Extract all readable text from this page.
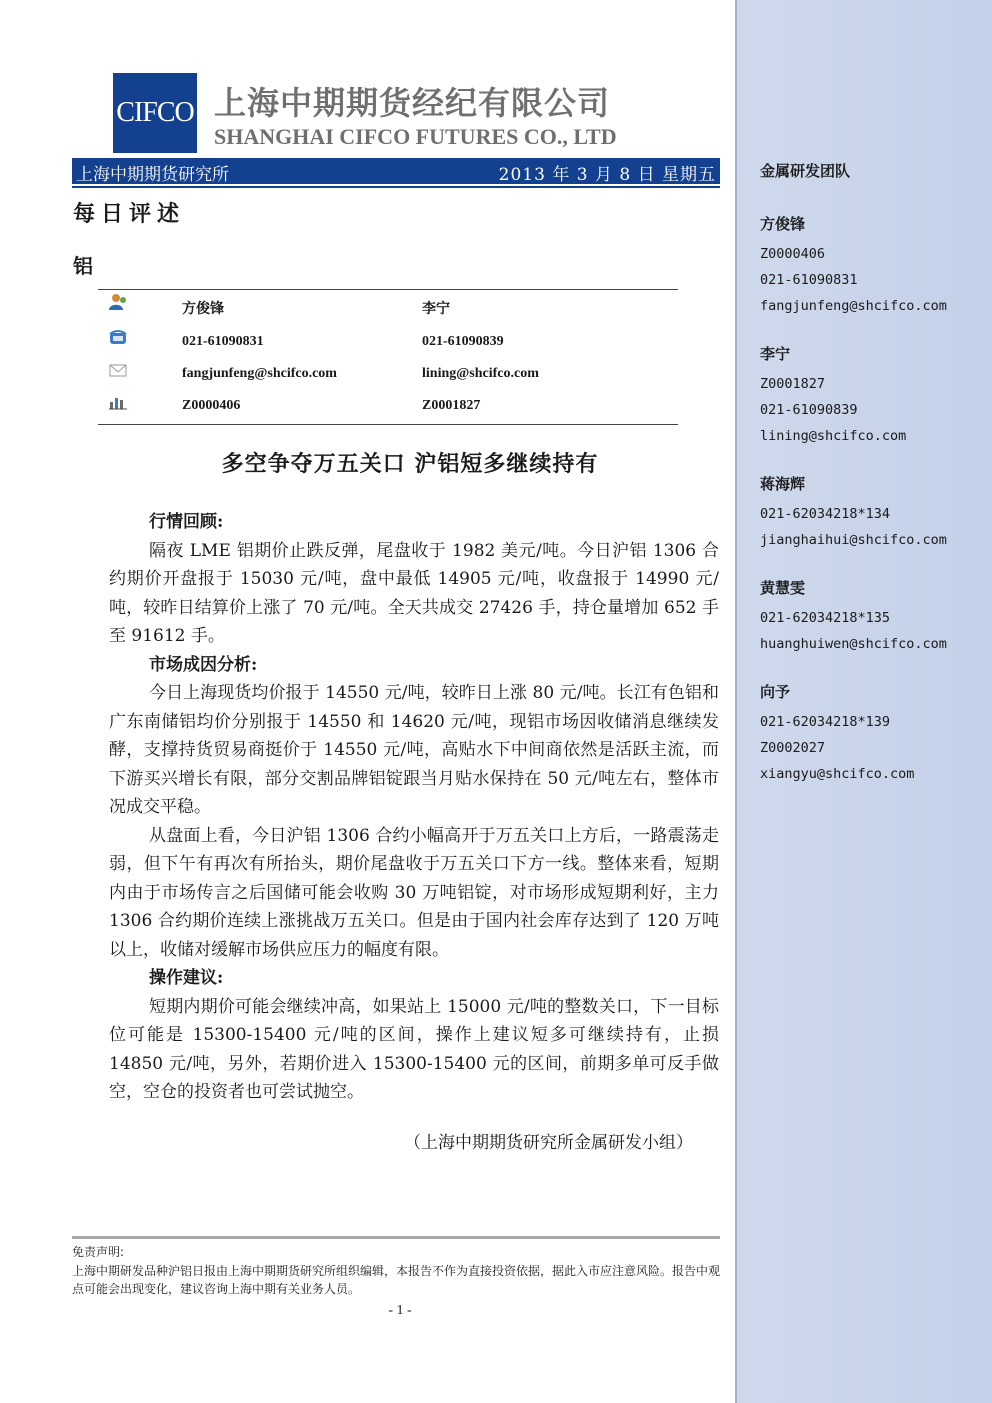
CIFCO 上海中期期货经纪有限公司
SHANGHAI CIFCO FUTURES CO., LTD
上海中期期货研究所	2013 年 3 月 8 日 星期五
每日评述
铝
方俊锋	李宁
021-61090831	021-61090839
fangjunfeng@shcifco.com	lining@shcifco.com
Z0000406	Z0001827
多空争夺万五关口 沪铝短多继续持有
行情回顾:
隔夜 LME 铝期价止跌反弹，尾盘收于 1982 美元/吨。今日沪铝 1306 合约期价开盘报于 15030 元/吨，盘中最低 14905 元/吨，收盘报于 14990 元/吨，较昨日结算价上涨了 70 元/吨。全天共成交 27426 手，持仓量增加 652 手至 91612 手。
市场成因分析:
今日上海现货均价报于 14550 元/吨，较昨日上涨 80 元/吨。长江有色铝和广东南储铝均价分别报于 14550 和 14620 元/吨，现铝市场因收储消息继续发酵，支撑持货贸易商挺价于 14550 元/吨，高贴水下中间商依然是活跃主流，而下游买兴增长有限，部分交割品牌铝锭跟当月贴水保持在 50 元/吨左右，整体市况成交平稳。
从盘面上看，今日沪铝 1306 合约小幅高开于万五关口上方后，一路震荡走弱，但下午有再次有所抬头，期价尾盘收于万五关口下方一线。整体来看，短期内由于市场传言之后国储可能会收购 30 万吨铝锭，对市场形成短期利好，主力 1306 合约期价连续上涨挑战万五关口。但是由于国内社会库存达到了 120 万吨以上，收储对缓解市场供应压力的幅度有限。
操作建议:
短期内期价可能会继续冲高，如果站上 15000 元/吨的整数关口，下一目标位可能是 15300-15400 元/吨的区间，操作上建议短多可继续持有，止损 14850 元/吨，另外，若期价进入 15300-15400 元的区间，前期多单可反手做空，空仓的投资者也可尝试抛空。
（上海中期期货研究所金属研发小组）
免责声明:
上海中期研发品种沪铝日报由上海中期期货研究所组织编辑，本报告不作为直接投资依据，据此入市应注意风险。报告中观点可能会出现变化，建议咨询上海中期有关业务人员。
- 1 -
金属研发团队
方俊锋
Z0000406
021-61090831
fangjunfeng@shcifco.com
李宁
Z0001827
021-61090839
lining@shcifco.com
蒋海辉
021-62034218*134
jianghaihui@shcifco.com
黄慧雯
021-62034218*135
huanghuiwen@shcifco.com
向予
021-62034218*139
Z0002027
xiangyu@shcifco.com
